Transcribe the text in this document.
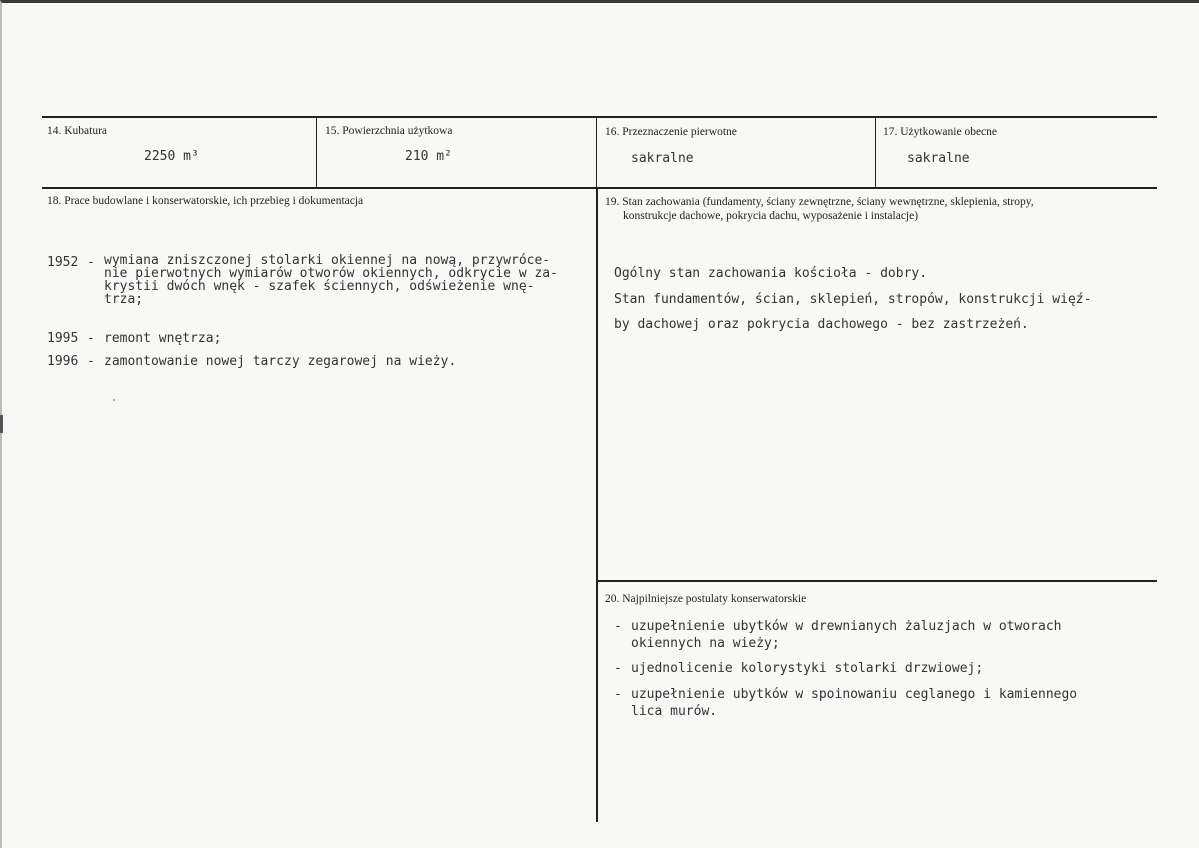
14. Kubatura
2250 m³
15. Powierzchnia użytkowa
210 m²
16. Przeznaczenie pierwotne
sakralne
17. Użytkowanie obecne
sakralne
18. Prace budowlane i konserwatorskie, ich przebieg i dokumentacja
1952 - wymiana zniszczonej stolarki okiennej na nową, przywróce-
nie pierwotnych wymiarów otworów okiennych, odkrycie w za-
krystii dwóch wnęk - szafek ściennych, odświeżenie wnę-
trza;
1995 - remont wnętrza;
1996 - zamontowanie nowej tarczy zegarowej na wieży.
19. Stan zachowania (fundamenty, ściany zewnętrzne, ściany wewnętrzne, sklepienia, stropy,
konstrukcje dachowe, pokrycia dachu, wyposażenie i instalacje)
Ogólny stan zachowania kościoła - dobry.
Stan fundamentów, ścian, sklepień, stropów, konstrukcji więź-
by dachowej oraz pokrycia dachowego - bez zastrzeżeń.
20. Najpilniejsze postulaty konserwatorskie
- uzupełnienie ubytków w drewnianych żaluzjach w otworach
okiennych na wieży;
- ujednolicenie kolorystyki stolarki drzwiowej;
- uzupełnienie ubytków w spoinowaniu ceglanego i kamiennego
lica murów.
